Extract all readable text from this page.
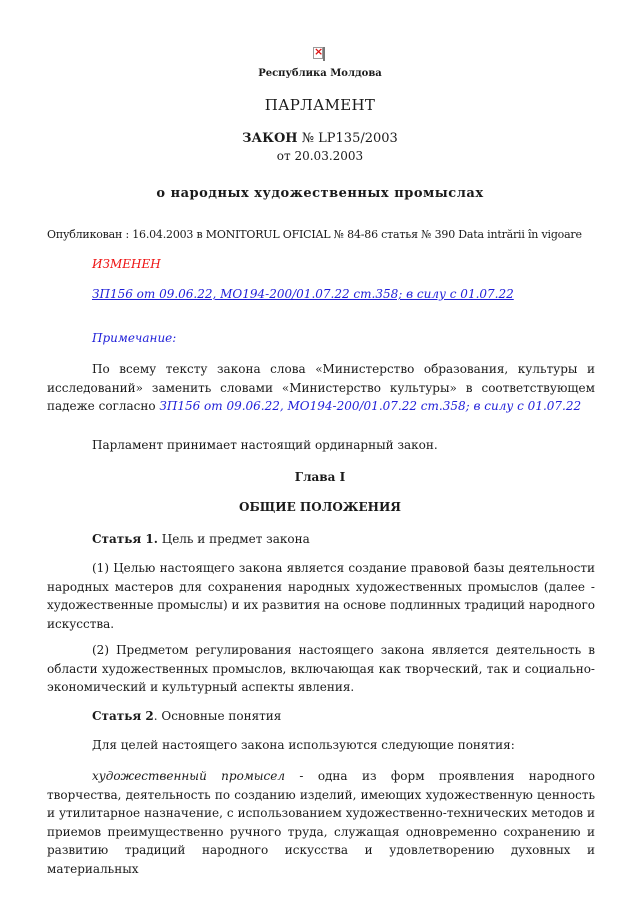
×
Республика Молдова
ПАРЛАМЕНТ
ЗАКОН № LP135/2003
от 20.03.2003
о народных художественных промыслах
Опубликован : 16.04.2003 в MONITORUL OFICIAL № 84-86 статья № 390 Data intrării în vigoare
ИЗМЕНЕН
ЗП156 от 09.06.22, MO194-200/01.07.22 ст.358; в силу с 01.07.22
Примечание:
По всему тексту закона слова «Министерство образования, культуры и исследований» заменить словами «Министерство культуры» в соответствующем падеже согласно ЗП156 от 09.06.22, MO194-200/01.07.22 ст.358; в силу с 01.07.22
Парламент принимает настоящий ординарный закон.
Глава I
ОБЩИЕ ПОЛОЖЕНИЯ
Статья 1. Цель и предмет закона
(1) Целью настоящего закона является создание правовой базы деятельности народных мастеров для сохранения народных художественных промыслов (далее - художественные промыслы) и их развития на основе подлинных традиций народного искусства.
(2) Предметом регулирования настоящего закона является деятельность в области художественных промыслов, включающая как творческий, так и социально-экономический и культурный аспекты явления.
Статья 2. Основные понятия
Для целей настоящего закона используются следующие понятия:
художественный промысел - одна из форм проявления народного творчества, деятельность по созданию изделий, имеющих художественную ценность и утилитарное назначение, с использованием художественно-технических методов и приемов преимущественно ручного труда, служащая одновременно сохранению и развитию традиций народного искусства и удовлетворению духовных и материальных
